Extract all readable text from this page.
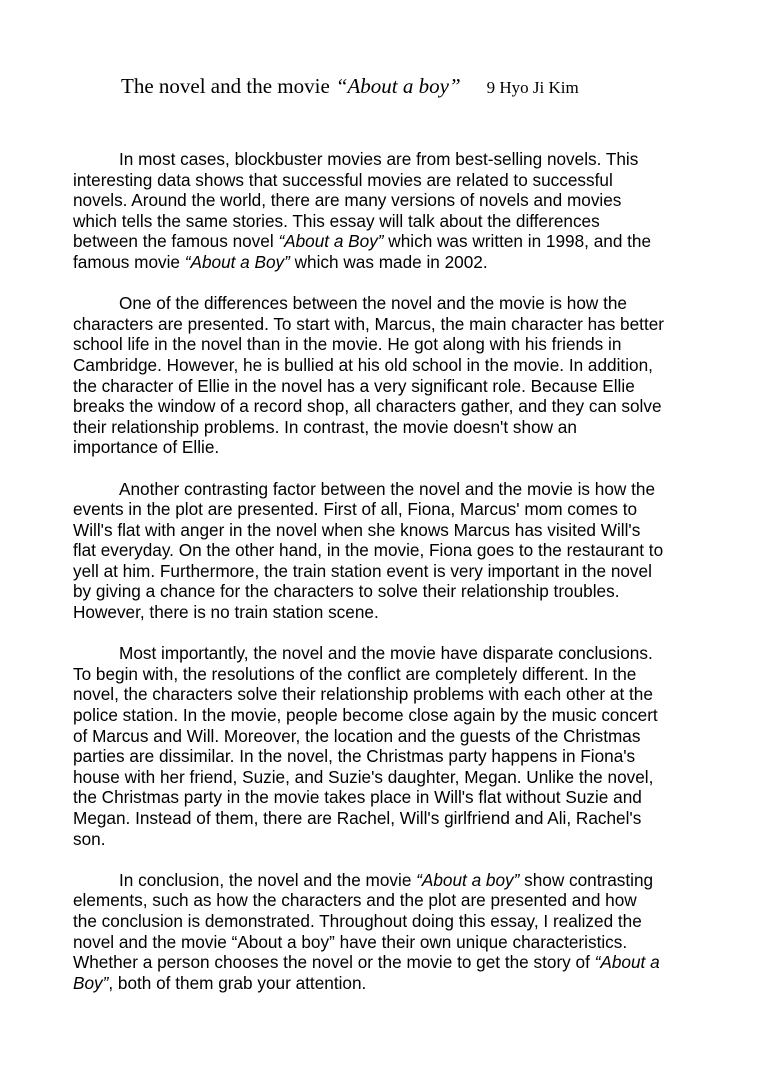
The novel and the movie “About a boy” 9 Hyo Ji Kim

In most cases, blockbuster movies are from best-selling novels. This
interesting data shows that successful movies are related to successful
novels. Around the world, there are many versions of novels and movies
which tells the same stories. This essay will talk about the differences
between the famous novel “About a Boy” which was written in 1998, and the
famous movie “About a Boy” which was made in 2002.

One of the differences between the novel and the movie is how the
characters are presented. To start with, Marcus, the main character has better
school life in the novel than in the movie. He got along with his friends in
Cambridge. However, he is bullied at his old school in the movie. In addition,
the character of Ellie in the novel has a very significant role. Because Ellie
breaks the window of a record shop, all characters gather, and they can solve
their relationship problems. In contrast, the movie doesn't show an
importance of Ellie.

Another contrasting factor between the novel and the movie is how the
events in the plot are presented. First of all, Fiona, Marcus' mom comes to
Will's flat with anger in the novel when she knows Marcus has visited Will's
flat everyday. On the other hand, in the movie, Fiona goes to the restaurant to
yell at him. Furthermore, the train station event is very important in the novel
by giving a chance for the characters to solve their relationship troubles.
However, there is no train station scene.

Most importantly, the novel and the movie have disparate conclusions.
To begin with, the resolutions of the conflict are completely different. In the
novel, the characters solve their relationship problems with each other at the
police station. In the movie, people become close again by the music concert
of Marcus and Will. Moreover, the location and the guests of the Christmas
parties are dissimilar. In the novel, the Christmas party happens in Fiona's
house with her friend, Suzie, and Suzie's daughter, Megan. Unlike the novel,
the Christmas party in the movie takes place in Will's flat without Suzie and
Megan. Instead of them, there are Rachel, Will's girlfriend and Ali, Rachel's
son.

In conclusion, the novel and the movie “About a boy” show contrasting
elements, such as how the characters and the plot are presented and how
the conclusion is demonstrated. Throughout doing this essay, I realized the
novel and the movie “About a boy” have their own unique characteristics.
Whether a person chooses the novel or the movie to get the story of “About a
Boy”, both of them grab your attention.
